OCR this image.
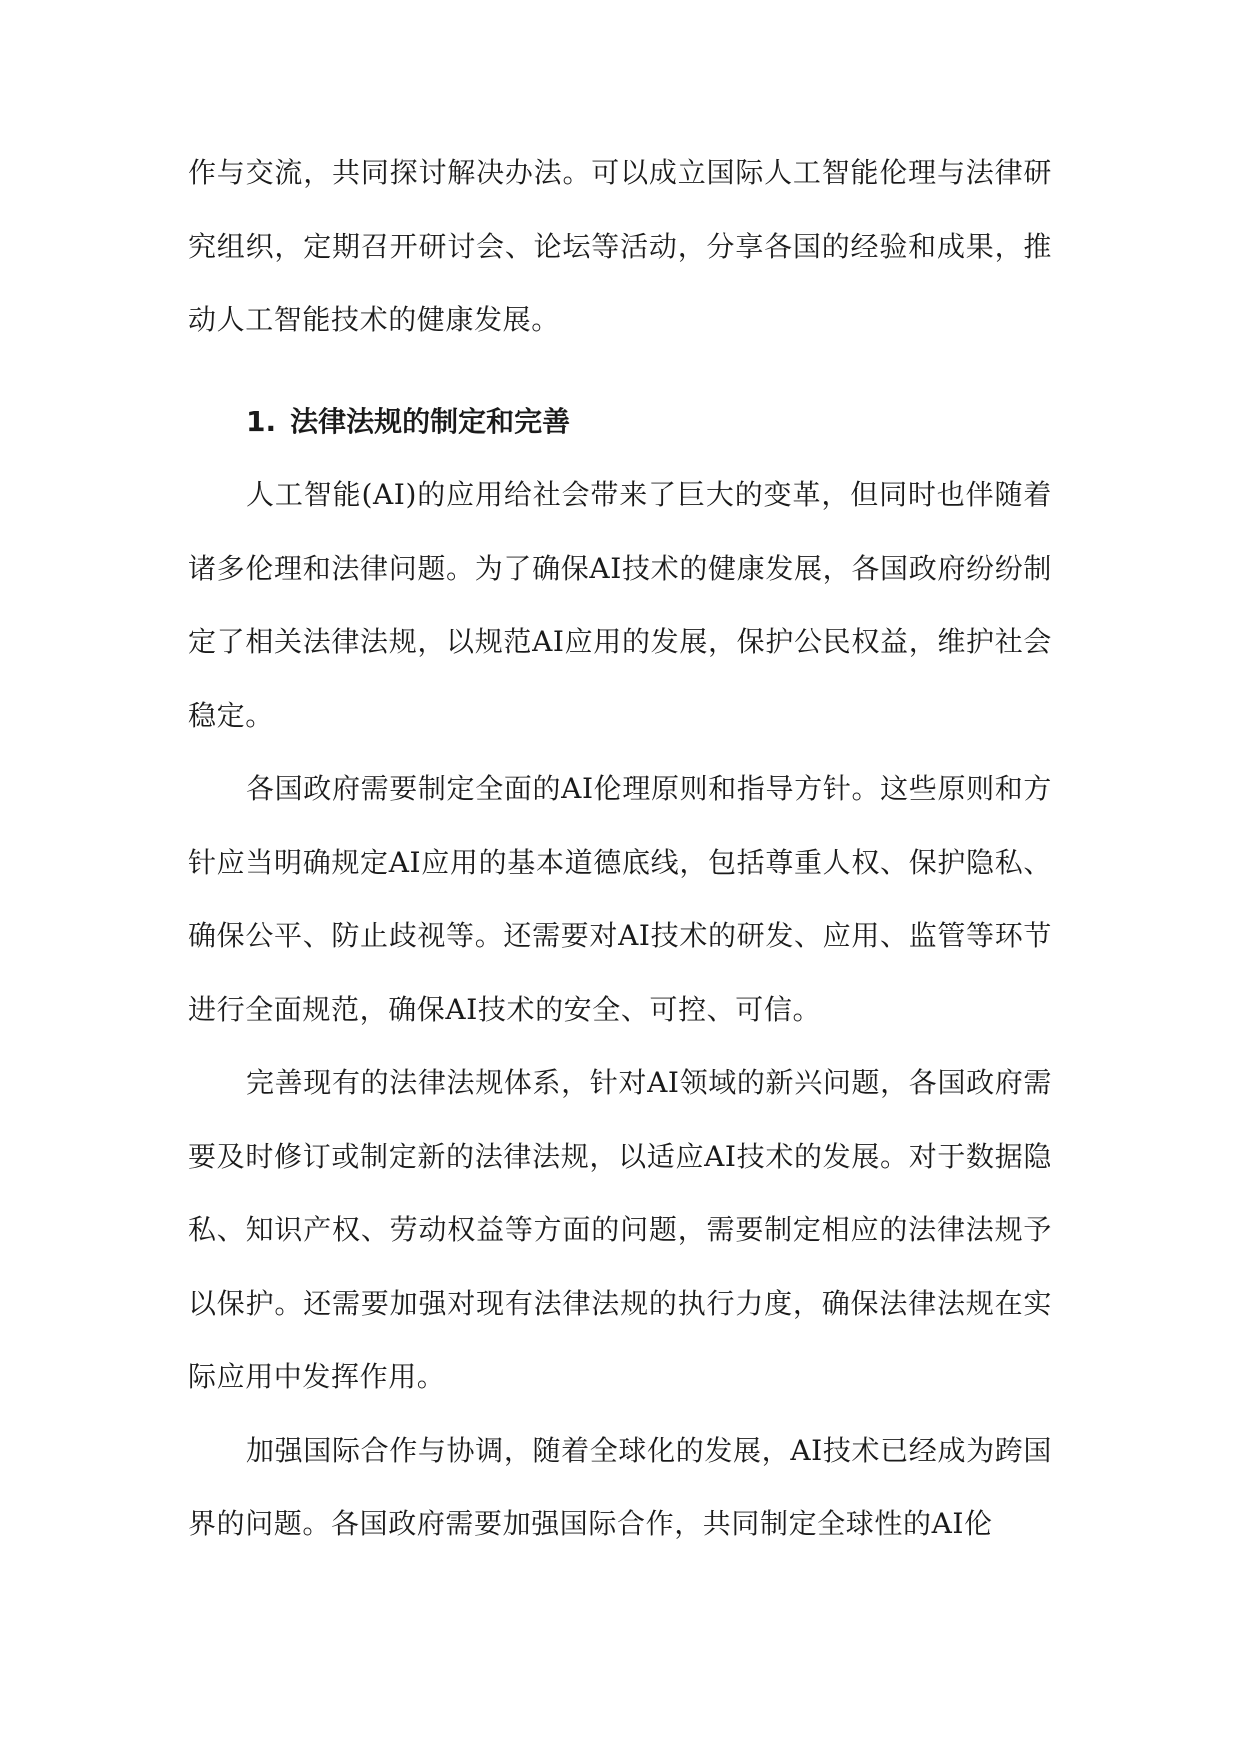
作与交流，共同探讨解决办法。可以成立国际人工智能伦理与法律研究组织，定期召开研讨会、论坛等活动，分享各国的经验和成果，推动人工智能技术的健康发展。

1. 法律法规的制定和完善

人工智能(AI)的应用给社会带来了巨大的变革，但同时也伴随着诸多伦理和法律问题。为了确保AI技术的健康发展，各国政府纷纷制定了相关法律法规，以规范AI应用的发展，保护公民权益，维护社会稳定。

各国政府需要制定全面的AI伦理原则和指导方针。这些原则和方针应当明确规定AI应用的基本道德底线，包括尊重人权、保护隐私、确保公平、防止歧视等。还需要对AI技术的研发、应用、监管等环节进行全面规范，确保AI技术的安全、可控、可信。

完善现有的法律法规体系，针对AI领域的新兴问题，各国政府需要及时修订或制定新的法律法规，以适应AI技术的发展。对于数据隐私、知识产权、劳动权益等方面的问题，需要制定相应的法律法规予以保护。还需要加强对现有法律法规的执行力度，确保法律法规在实际应用中发挥作用。

加强国际合作与协调，随着全球化的发展，AI技术已经成为跨国界的问题。各国政府需要加强国际合作，共同制定全球性的AI伦
